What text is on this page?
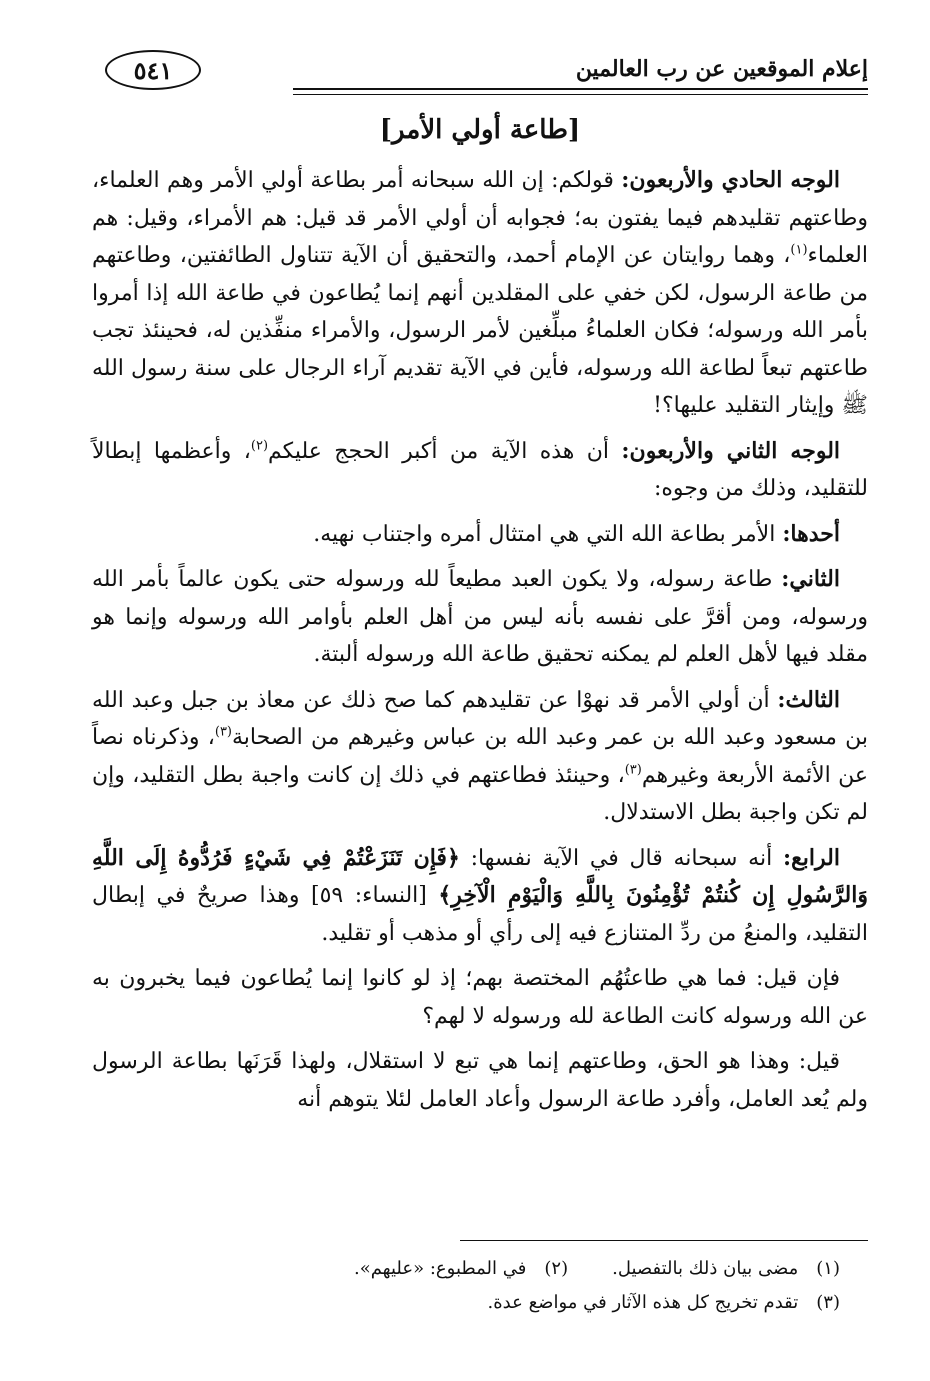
إعلام الموقعين عن رب العالمين
٥٤١
[طاعة أولي الأمر]

الوجه الحادي والأربعون: قولكم: إن الله سبحانه أمر بطاعة أولي الأمر وهم العلماء، وطاعتهم تقليدهم فيما يفتون به؛ فجوابه أن أولي الأمر قد قيل: هم الأمراء، وقيل: هم العلماء$^{(١)}$، وهما روايتان عن الإمام أحمد، والتحقيق أن الآية تتناول الطائفتين، وطاعتهم من طاعة الرسول، لكن خفي على المقلدين أنهم إنما يُطاعون في طاعة الله إذا أمروا بأمر الله ورسوله؛ فكان العلماءُ مبلِّغين لأمر الرسول، والأمراء منفِّذين له، فحينئذ تجب طاعتهم تبعاً لطاعة الله ورسوله، فأين في الآية تقديم آراء الرجال على سنة رسول الله ﷺ وإيثار التقليد عليها؟!

الوجه الثاني والأربعون: أن هذه الآية من أكبر الحجج عليكم$^{(٢)}$، وأعظمها إبطالاً للتقليد، وذلك من وجوه:

أحدها: الأمر بطاعة الله التي هي امتثال أمره واجتناب نهيه.

الثاني: طاعة رسوله، ولا يكون العبد مطيعاً لله ورسوله حتى يكون عالماً بأمر الله ورسوله، ومن أقرَّ على نفسه بأنه ليس من أهل العلم بأوامر الله ورسوله وإنما هو مقلد فيها لأهل العلم لم يمكنه تحقيق طاعة الله ورسوله ألبتة.

الثالث: أن أولي الأمر قد نهوْا عن تقليدهم كما صح ذلك عن معاذ بن جبل وعبد الله بن مسعود وعبد الله بن عمر وعبد الله بن عباس وغيرهم من الصحابة$^{(٣)}$، وذكرناه نصاً عن الأئمة الأربعة وغيرهم$^{(٣)}$، وحينئذ فطاعتهم في ذلك إن كانت واجبة بطل التقليد، وإن لم تكن واجبة بطل الاستدلال.

الرابع: أنه سبحانه قال في الآية نفسها: ﴿فَإِن تَنَزَعْتُمْ فِي شَيْءٍ فَرُدُّوهُ إِلَى اللَّهِ وَالرَّسُولِ إِن كُنتُمْ تُؤْمِنُونَ بِاللَّهِ وَالْيَوْمِ الْآخِرِ﴾ [النساء: ٥٩] وهذا صريحٌ في إبطال التقليد، والمنعُ من ردِّ المتنازع فيه إلى رأي أو مذهب أو تقليد.

فإن قيل: فما هي طاعتُهُم المختصة بهم؛ إذ لو كانوا إنما يُطاعون فيما يخبرون به عن الله ورسوله كانت الطاعة لله ورسوله لا لهم؟

قيل: وهذا هو الحق، وطاعتهم إنما هي تبع لا استقلال، ولهذا قَرَنَها بطاعة الرسول ولم يُعد العامل، وأفرد طاعة الرسول وأعاد العامل لئلا يتوهم أنه

(١)مضى بيان ذلك بالتفصيل.
(٢)في المطبوع: «عليهم».
(٣)تقدم تخريج كل هذه الآثار في مواضع عدة.
